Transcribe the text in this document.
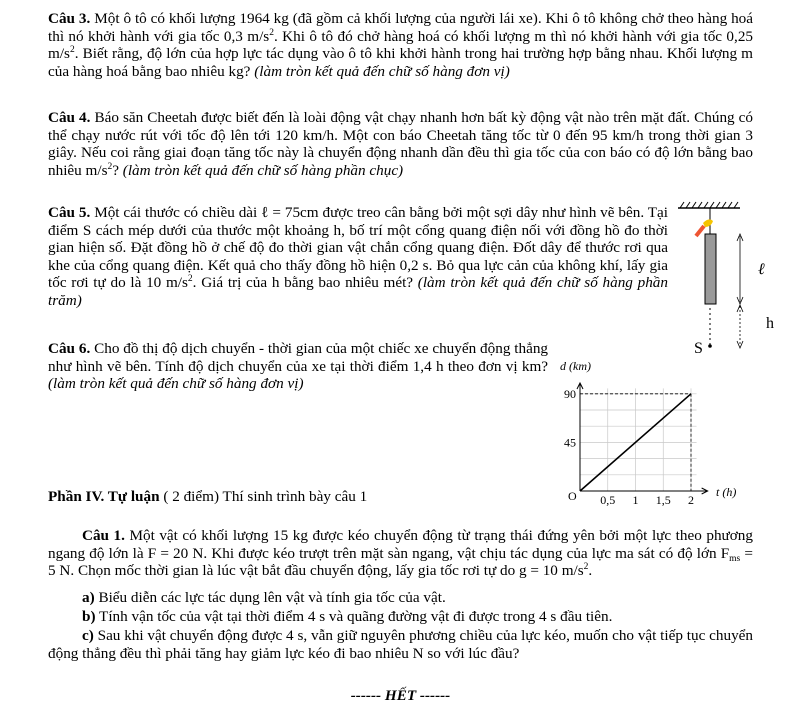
Câu 3. Một ô tô có khối lượng 1964 kg (đã gồm cả khối lượng của người lái xe). Khi ô tô không chở theo hàng hoá thì nó khởi hành với gia tốc 0,3 $m/s^2$. Khi ô tô đó chở hàng hoá có khối lượng m thì nó khởi hành với gia tốc 0,25 $m/s^2$. Biết rằng, độ lớn của hợp lực tác dụng vào ô tô khi khởi hành trong hai trường hợp bằng nhau. Khối lượng m của hàng hoá bằng bao nhiêu kg? (làm tròn kết quả đến chữ số hàng đơn vị)
Câu 4. Báo săn Cheetah được biết đến là loài động vật chạy nhanh hơn bất kỳ động vật nào trên mặt đất. Chúng có thể chạy nước rút với tốc độ lên tới 120 km/h. Một con báo Cheetah tăng tốc từ 0 đến 95 km/h trong thời gian 3 giây. Nếu coi rằng giai đoạn tăng tốc này là chuyển động nhanh dần đều thì gia tốc của con báo có độ lớn bằng bao nhiêu $m/s^2$? (làm tròn kết quả đến chữ số hàng phần chục)
Câu 5. Một cái thước có chiều dài ℓ = 75cm được treo cân bằng bởi một sợi dây như hình vẽ bên. Tại điểm S cách mép dưới của thước một khoảng h, bố trí một cổng quang điện nối với đồng hồ đo thời gian hiện số. Đặt đồng hồ ở chế độ đo thời gian vật chắn cổng quang điện. Đốt dây để thước rơi qua khe của cổng quang điện. Kết quả cho thấy đồng hồ hiện 0,2 s. Bỏ qua lực cản của không khí, lấy gia tốc rơi tự do là 10 $m/s^2$. Giá trị của h bằng bao nhiêu mét? (làm tròn kết quả đến chữ số hàng phần trăm)
ℓ
h
S
Câu 6. Cho đồ thị độ dịch chuyển - thời gian của một chiếc xe chuyển động thẳng như hình vẽ bên. Tính độ dịch chuyển của xe tại thời điểm 1,4 h theo đơn vị km? (làm tròn kết quả đến chữ số hàng đơn vị)
d (km)
t (h)
O 0,5 1 1,5 2
45
90
Phần IV. Tự luận ( 2 điểm) Thí sinh trình bày câu 1
Câu 1. Một vật có khối lượng 15 kg được kéo chuyển động từ trạng thái đứng yên bởi một lực theo phương ngang độ lớn là F = 20 N. Khi được kéo trượt trên mặt sàn ngang, vật chịu tác dụng của lực ma sát có độ lớn $F_{ms} = 5$ N. Chọn mốc thời gian là lúc vật bắt đầu chuyển động, lấy gia tốc rơi tự do g = 10 $m/s^2$.
a) Biểu diễn các lực tác dụng lên vật và tính gia tốc của vật.
b) Tính vận tốc của vật tại thời điểm 4 s và quãng đường vật đi được trong 4 s đầu tiên.
c) Sau khi vật chuyển động được 4 s, vẫn giữ nguyên phương chiều của lực kéo, muốn cho vật tiếp tục chuyển động thẳng đều thì phải tăng hay giảm lực kéo đi bao nhiêu N so với lúc đầu?
------ HẾT ------
